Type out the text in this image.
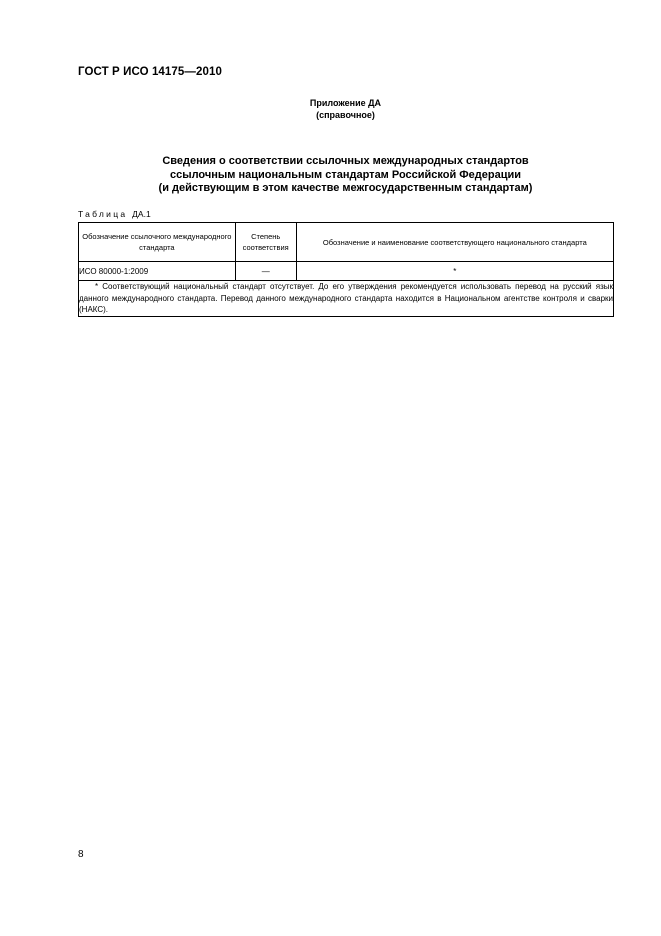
ГОСТ Р ИСО 14175—2010
Приложение ДА
(справочное)
Сведения о соответствии ссылочных международных стандартов
ссылочным национальным стандартам Российской Федерации
(и действующим в этом качестве межгосударственным стандартам)
Таблица ДА.1
Обозначение ссылочного международного стандарта	Степень соответствия	Обозначение и наименование соответствующего национального стандарта
ИСО 80000-1:2009	—	*

* Соответствующий национальный стандарт отсутствует. До его утверждения рекомендуется использовать перевод на русский язык данного международного стандарта. Перевод данного международного стандарта находится в Национальном агентстве контроля и сварки (НАКС).		
8
